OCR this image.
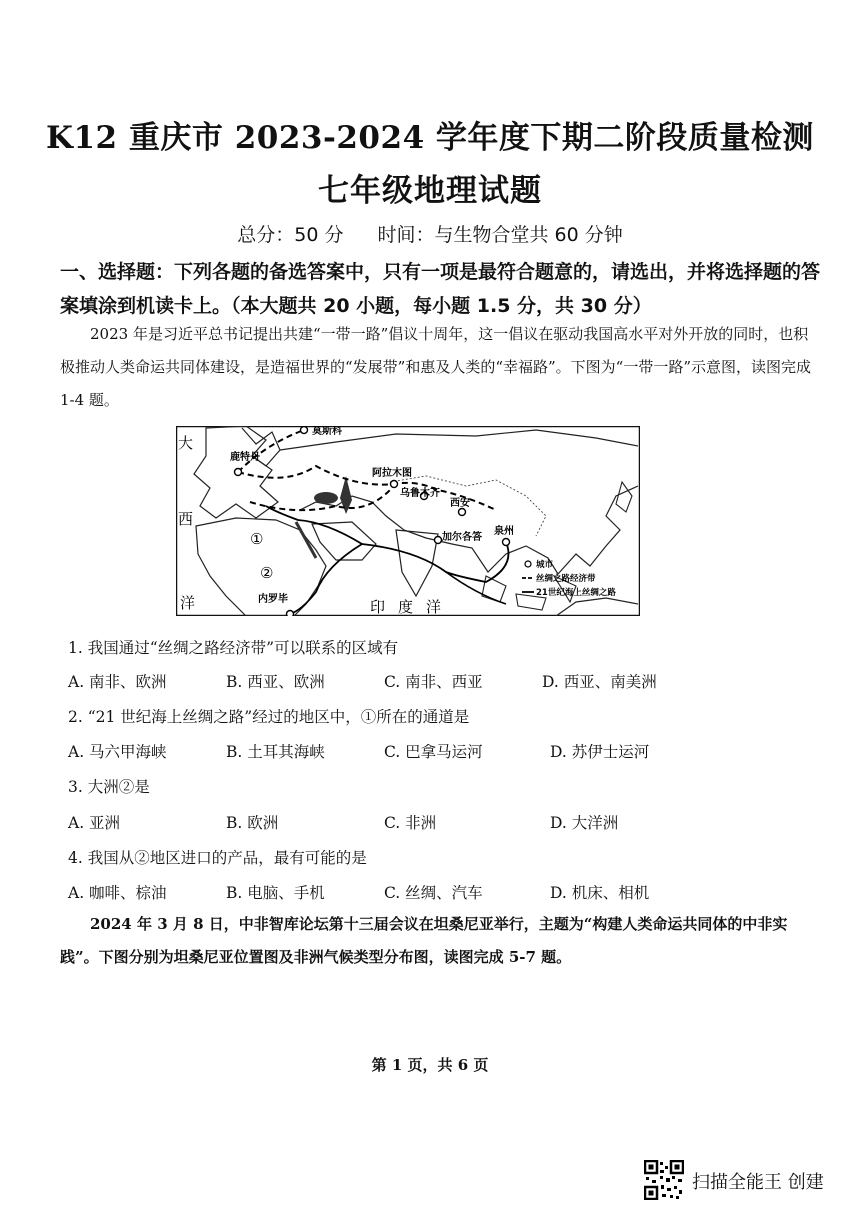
K12 重庆市 2023-2024 学年度下期二阶段质量检测
七年级地理试题
总分：50 分 时间：与生物合堂共 60 分钟
一、选择题：下列各题的备选答案中，只有一项是最符合题意的，请选出，并将选择题的答案填涂到机读卡上。（本大题共 20 小题，每小题 1.5 分，共 30 分）
2023 年是习近平总书记提出共建“一带一路”倡议十周年，这一倡议在驱动我国高水平对外开放的同时，也积极推动人类命运共同体建设，是造福世界的“发展带”和惠及人类的“幸福路”。下图为“一带一路”示意图，读图完成 1-4 题。
莫斯科
鹿特丹
阿拉木图
乌鲁木齐
西安
泉州
加尔各答
内罗毕
①
②
大
西
洋	印 度 洋
城市
丝绸之路经济带
21世纪海上丝绸之路
1. 我国通过“丝绸之路经济带”可以联系的区域有
A. 南非、欧洲	B. 西亚、欧洲	C. 南非、西亚	D. 西亚、南美洲
2. “21 世纪海上丝绸之路”经过的地区中，①所在的通道是
A. 马六甲海峡	B. 土耳其海峡	C. 巴拿马运河	D. 苏伊士运河
3. 大洲②是
A. 亚洲	B. 欧洲	C. 非洲	D. 大洋洲
4. 我国从②地区进口的产品，最有可能的是
A. 咖啡、棕油	B. 电脑、手机	C. 丝绸、汽车	D. 机床、相机
2024 年 3 月 8 日，中非智库论坛第十三届会议在坦桑尼亚举行，主题为“构建人类命运共同体的中非实践”。下图分别为坦桑尼亚位置图及非洲气候类型分布图，读图完成 5-7 题。
第 1 页，共 6 页
扫描全能王 创建
